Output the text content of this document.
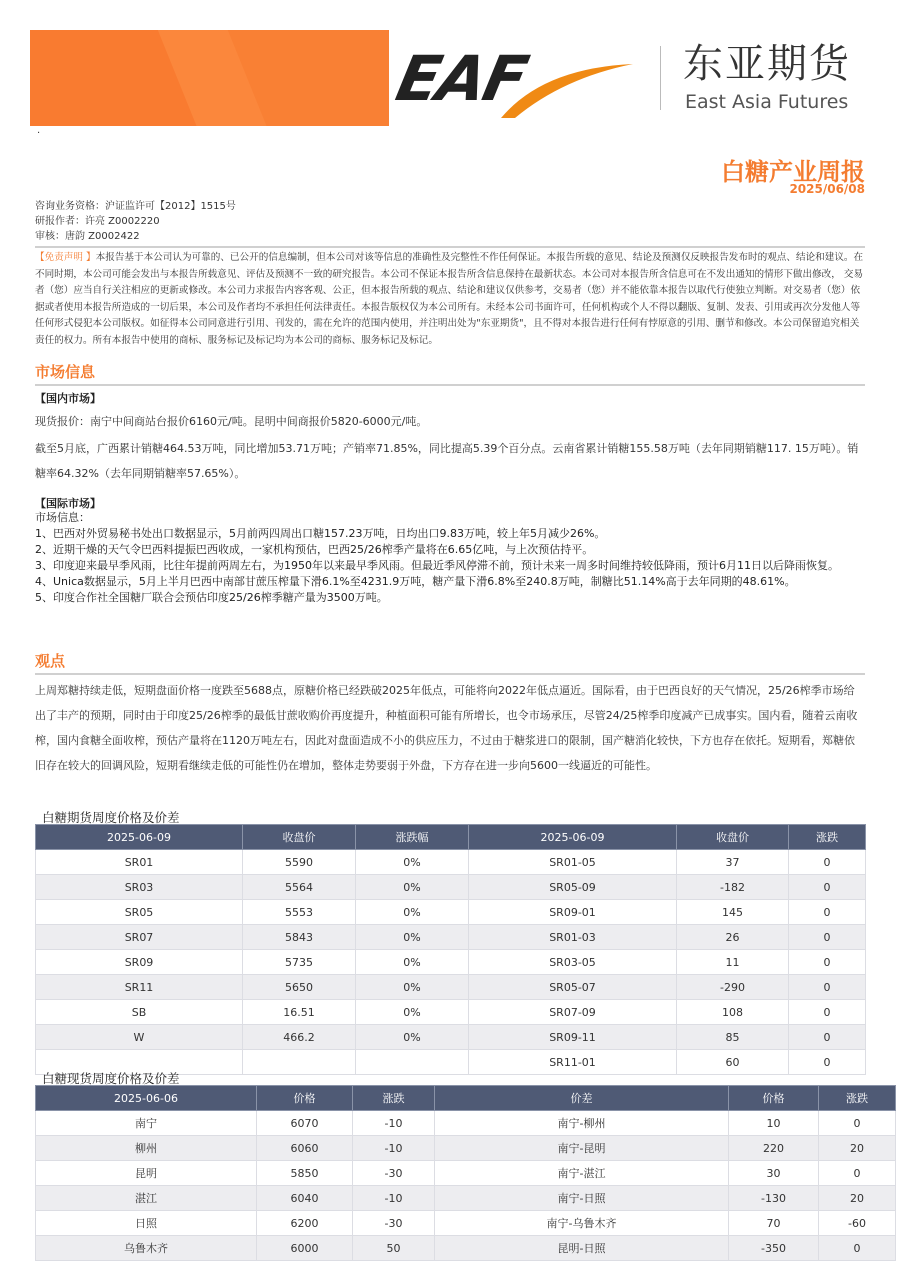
EAF	东亚期货
East Asia Futures
·
白糖产业周报
2025/06/08
咨询业务资格：沪证监许可【2012】1515号
研报作者：许亮 Z0002220
审核：唐韵 Z0002422
【免责声明 】本报告基于本公司认为可靠的、已公开的信息编制，但本公司对该等信息的准确性及完整性不作任何保证。本报告所载的意见、结论及预测仅反映报告发布时的观点、结论和建议。在不同时期，本公司可能会发出与本报告所载意见、评估及预测不一致的研究报告。本公司不保证本报告所含信息保持在最新状态。本公司对本报告所含信息可在不发出通知的情形下做出修改， 交易者（您）应当自行关注相应的更新或修改。本公司力求报告内容客观、公正，但本报告所载的观点、结论和建议仅供参考，交易者（您）并不能依靠本报告以取代行使独立判断。对交易者（您）依据或者使用本报告所造成的一切后果，本公司及作者均不承担任何法律责任。本报告版权仅为本公司所有。未经本公司书面许可，任何机构或个人不得以翻版、复制、发表、引用或再次分发他人等任何形式侵犯本公司版权。如征得本公司同意进行引用、刊发的，需在允许的范围内使用，并注明出处为"东亚期货"，且不得对本报告进行任何有悖原意的引用、删节和修改。本公司保留追究相关责任的权力。所有本报告中使用的商标、服务标记及标记均为本公司的商标、服务标记及标记。
市场信息
【国内市场】
现货报价：南宁中间商站台报价6160元/吨。昆明中间商报价5820-6000元/吨。
截至5月底，广西累计销糖464.53万吨，同比增加53.71万吨；产销率71.85%，同比提高5.39个百分点。云南省累计销糖155.58万吨（去年同期销糖117. 15万吨）。销糖率64.32%（去年同期销糖率57.65%）。
【国际市场】
市场信息：
1、巴西对外贸易秘书处出口数据显示，5月前两四周出口糖157.23万吨，日均出口9.83万吨，较上年5月减少26%。
2、近期干燥的天气令巴西料提振巴西收成，一家机构预估，巴西25/26榨季产量将在6.65亿吨，与上次预估持平。
3、印度迎来最早季风雨，比往年提前两周左右，为1950年以来最早季风雨。但最近季风停滞不前，预计未来一周多时间维持较低降雨，预计6月11日以后降雨恢复。
4、Unica数据显示，5月上半月巴西中南部甘蔗压榨量下滑6.1%至4231.9万吨，糖产量下滑6.8%至240.8万吨，制糖比51.14%高于去年同期的48.61%。
5、印度合作社全国糖厂联合会预估印度25/26榨季糖产量为3500万吨。
观点
上周郑糖持续走低，短期盘面价格一度跌至5688点，原糖价格已经跌破2025年低点，可能将向2022年低点逼近。国际看，由于巴西良好的天气情况，25/26榨季市场给出了丰产的预期，同时由于印度25/26榨季的最低甘蔗收购价再度提升，种植面积可能有所增长，也令市场承压，尽管24/25榨季印度减产已成事实。国内看，随着云南收榨，国内食糖全面收榨，预估产量将在1120万吨左右，因此对盘面造成不小的供应压力，不过由于糖浆进口的限制，国产糖消化较快，下方也存在依托。短期看，郑糖依旧存在较大的回调风险，短期看继续走低的可能性仍在增加，整体走势要弱于外盘，下方存在进一步向5600一线逼近的可能性。
白糖期货周度价格及价差
2025-06-09	收盘价	涨跌幅	2025-06-09	收盘价	涨跌
SR01	5590	0%	SR01-05	37	0
SR03	5564	0%	SR05-09	-182	0
SR05	5553	0%	SR09-01	145	0
SR07	5843	0%	SR01-03	26	0
SR09	5735	0%	SR03-05	11	0
SR11	5650	0%	SR05-07	-290	0
SB	16.51	0%	SR07-09	108	0
W	466.2	0%	SR09-11	85	0
			SR11-01	60	0
白糖现货周度价格及价差
2025-06-06	价格	涨跌	价差	价格	涨跌
南宁	6070	-10	南宁-柳州	10	0
柳州	6060	-10	南宁-昆明	220	20
昆明	5850	-30	南宁-湛江	30	0
湛江	6040	-10	南宁-日照	-130	20
日照	6200	-30	南宁-乌鲁木齐	70	-60
乌鲁木齐	6000	50	昆明-日照	-350	0
